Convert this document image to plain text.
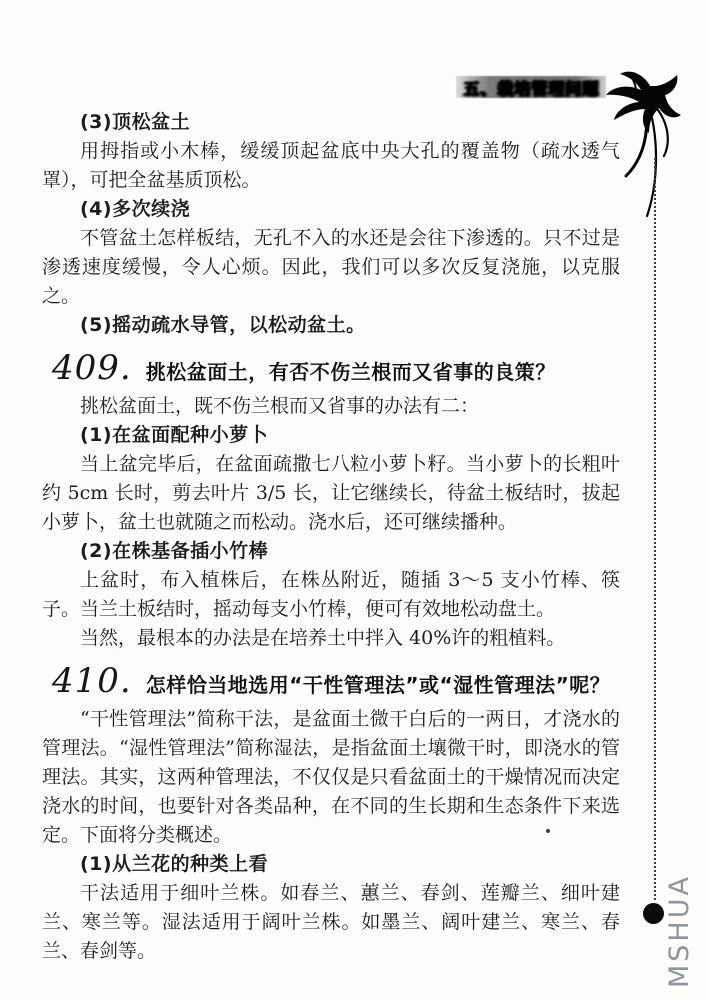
五、栽培管理问题
MSHUA

(3)顶松盆土

用拇指或小木棒，缓缓顶起盆底中央大孔的覆盖物（疏水透气罩），可把全盆基质顶松。

(4)多次续浇

不管盆土怎样板结，无孔不入的水还是会往下渗透的。只不过是渗透速度缓慢，令人心烦。因此，我们可以多次反复浇施，以克服之。

(5)摇动疏水导管，以松动盆土。

409. 挑松盆面土，有否不伤兰根而又省事的良策？

挑松盆面土，既不伤兰根而又省事的办法有二：

(1)在盆面配种小萝卜

当上盆完毕后，在盆面疏撒七八粒小萝卜籽。当小萝卜的长粗叶约 5cm 长时，剪去叶片 3/5 长，让它继续长，待盆土板结时，拔起小萝卜，盆土也就随之而松动。浇水后，还可继续播种。

(2)在株基备插小竹棒

上盆时，布入植株后，在株丛附近，随插 3～5 支小竹棒、筷子。当兰土板结时，摇动每支小竹棒，便可有效地松动盘土。

当然，最根本的办法是在培养土中拌入 40%许的粗植料。

410. 怎样恰当地选用“干性管理法”或“湿性管理法”呢？

“干性管理法”简称干法，是盆面土微干白后的一两日，才浇水的管理法。“湿性管理法”简称湿法，是指盆面土壤微干时，即浇水的管理法。其实，这两种管理法，不仅仅是只看盆面土的干燥情况而决定浇水的时间，也要针对各类品种，在不同的生长期和生态条件下来选定。下面将分类概述。

(1)从兰花的种类上看

干法适用于细叶兰株。如春兰、蕙兰、春剑、莲瓣兰、细叶建兰、寒兰等。湿法适用于阔叶兰株。如墨兰、阔叶建兰、寒兰、春兰、春剑等。
